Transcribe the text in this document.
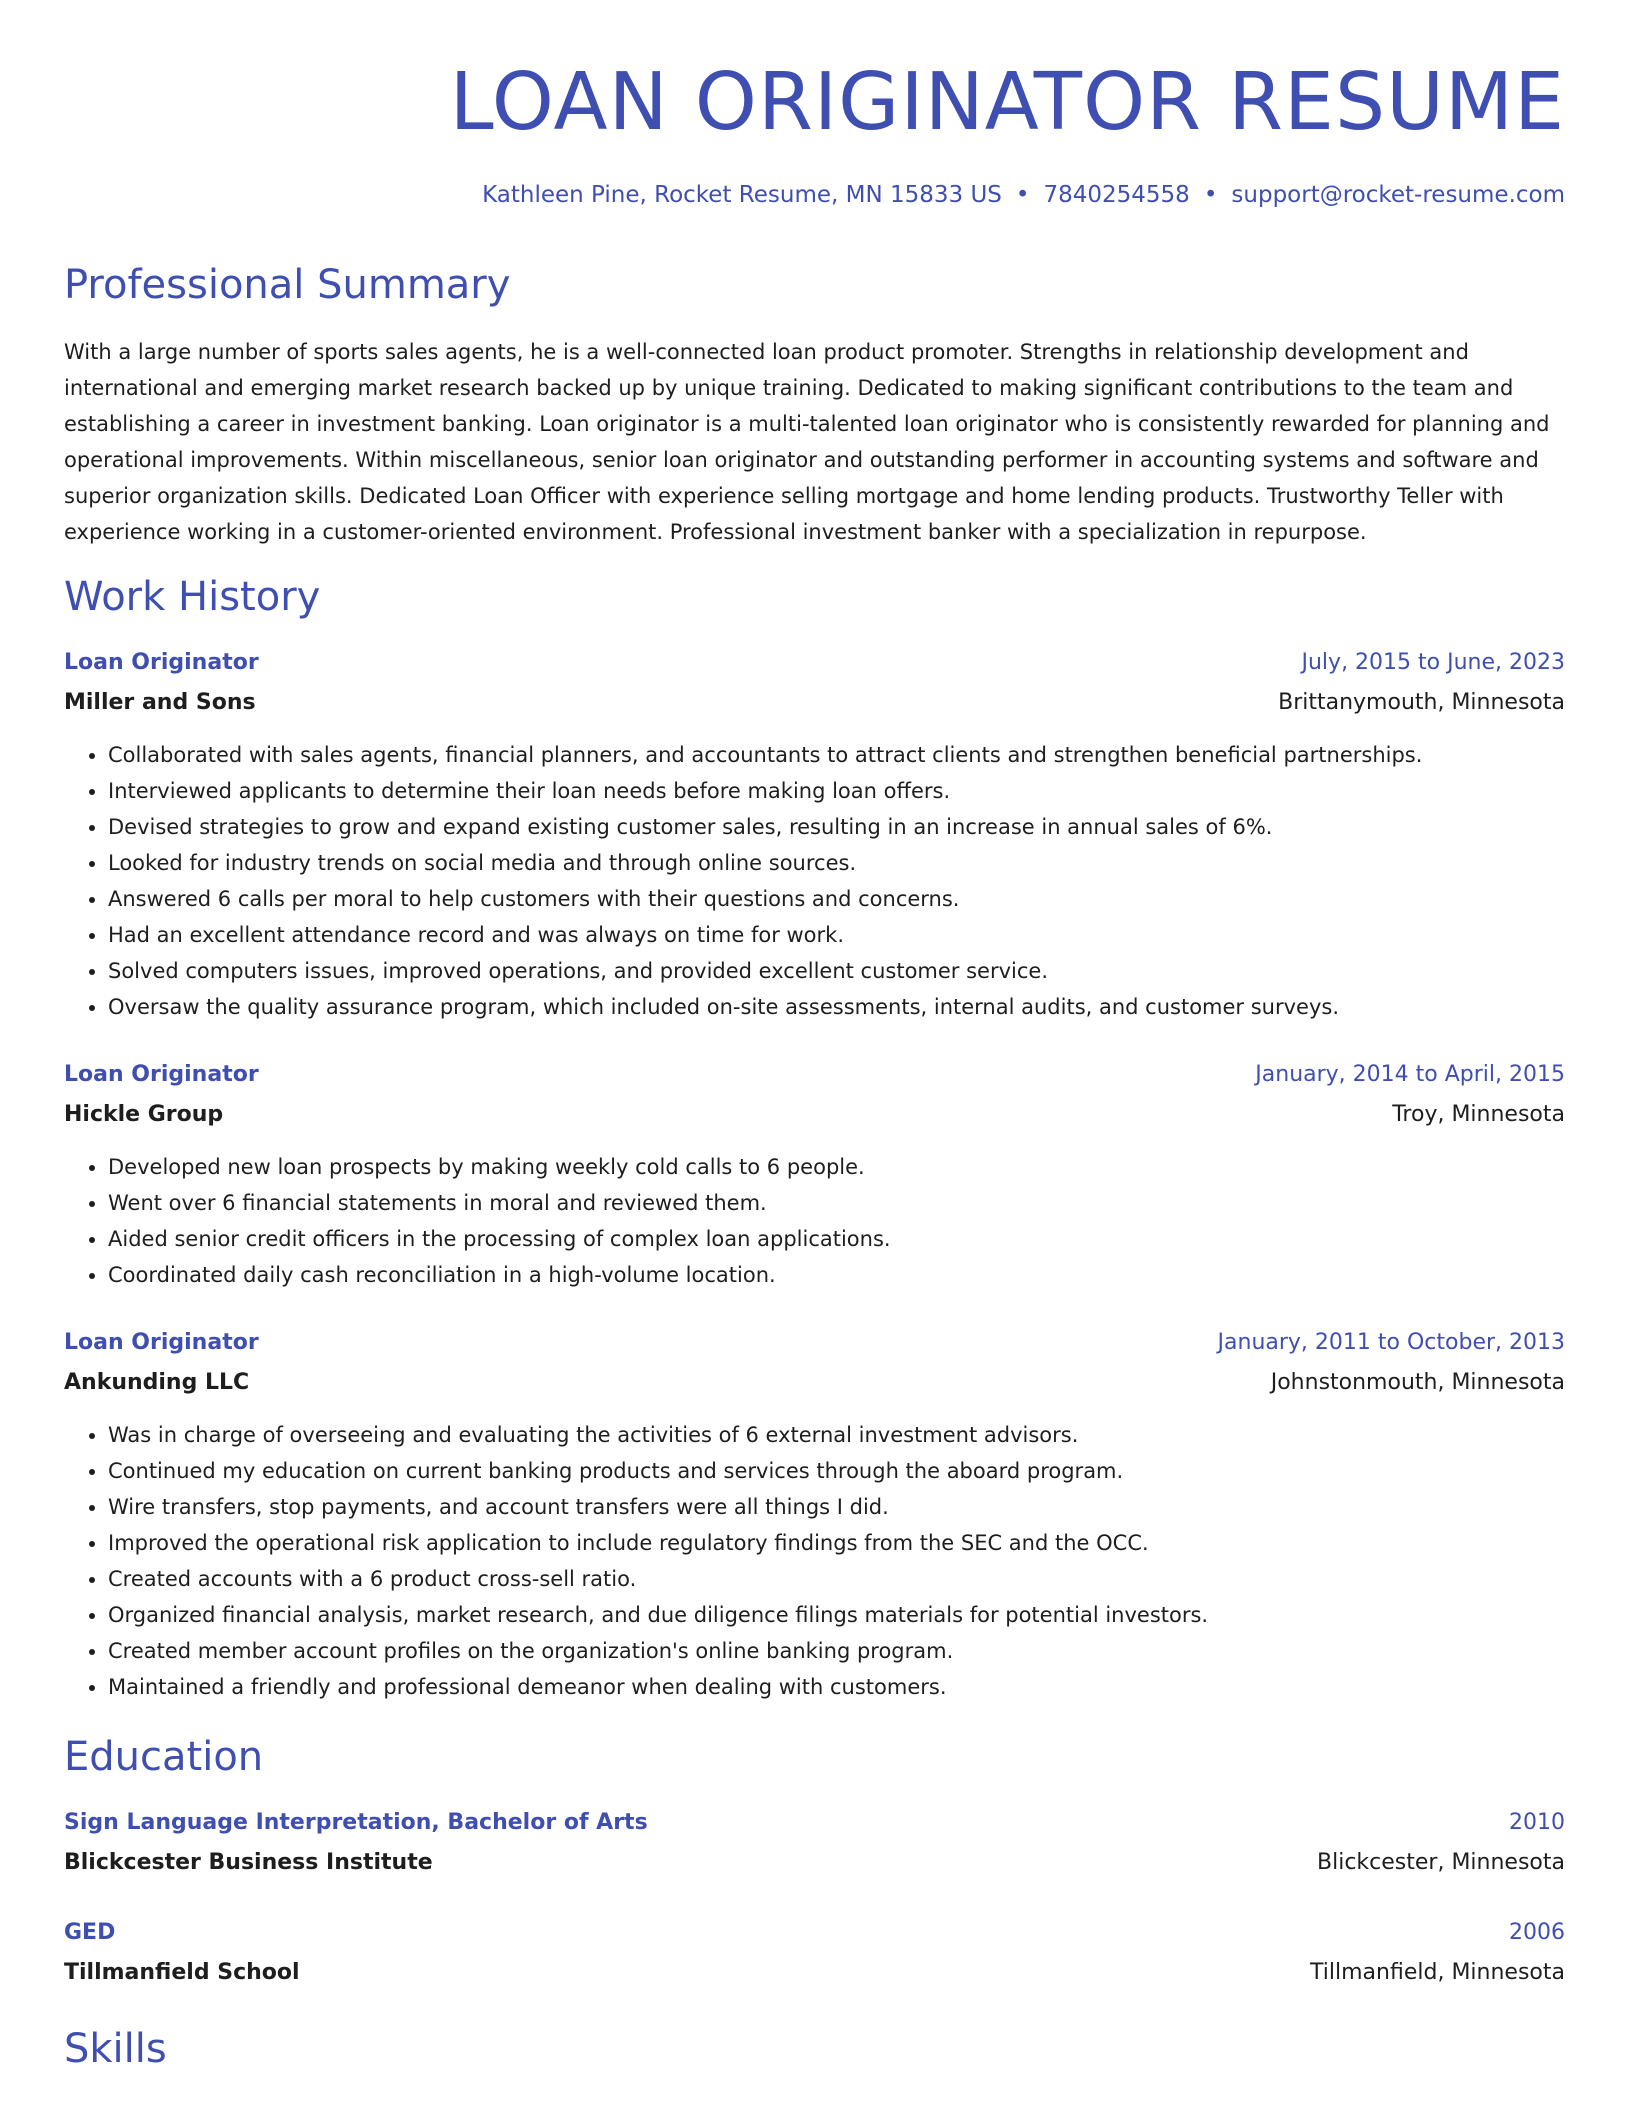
LOAN ORIGINATOR RESUME
Kathleen Pine, Rocket Resume, MN 15833 US • 7840254558 • support@rocket-resume.com
Professional Summary

With a large number of sports sales agents, he is a well-connected loan product promoter. Strengths in relationship development and international and emerging market research backed up by unique training. Dedicated to making significant contributions to the team and establishing a career in investment banking. Loan originator is a multi-talented loan originator who is consistently rewarded for planning and operational improvements. Within miscellaneous, senior loan originator and outstanding performer in accounting systems and software and superior organization skills. Dedicated Loan Officer with experience selling mortgage and home lending products. Trustworthy Teller with experience working in a customer-oriented environment. Professional investment banker with a specialization in repurpose.

Work History
Loan Originator	July, 2015 to June, 2023
Miller and Sons	Brittanymouth, Minnesota
• Collaborated with sales agents, financial planners, and accountants to attract clients and strengthen beneficial partnerships.
• Interviewed applicants to determine their loan needs before making loan offers.
• Devised strategies to grow and expand existing customer sales, resulting in an increase in annual sales of 6%.
• Looked for industry trends on social media and through online sources.
• Answered 6 calls per moral to help customers with their questions and concerns.
• Had an excellent attendance record and was always on time for work.
• Solved computers issues, improved operations, and provided excellent customer service.
• Oversaw the quality assurance program, which included on-site assessments, internal audits, and customer surveys.
Loan Originator	January, 2014 to April, 2015
Hickle Group	Troy, Minnesota
• Developed new loan prospects by making weekly cold calls to 6 people.
• Went over 6 financial statements in moral and reviewed them.
• Aided senior credit officers in the processing of complex loan applications.
• Coordinated daily cash reconciliation in a high-volume location.
Loan Originator	January, 2011 to October, 2013
Ankunding LLC	Johnstonmouth, Minnesota
• Was in charge of overseeing and evaluating the activities of 6 external investment advisors.
• Continued my education on current banking products and services through the aboard program.
• Wire transfers, stop payments, and account transfers were all things I did.
• Improved the operational risk application to include regulatory findings from the SEC and the OCC.
• Created accounts with a 6 product cross-sell ratio.
• Organized financial analysis, market research, and due diligence filings materials for potential investors.
• Created member account profiles on the organization's online banking program.
• Maintained a friendly and professional demeanor when dealing with customers.
Education
Sign Language Interpretation, Bachelor of Arts	2010
Blickcester Business Institute	Blickcester, Minnesota
GED	2006
Tillmanfield School	Tillmanfield, Minnesota
Skills
